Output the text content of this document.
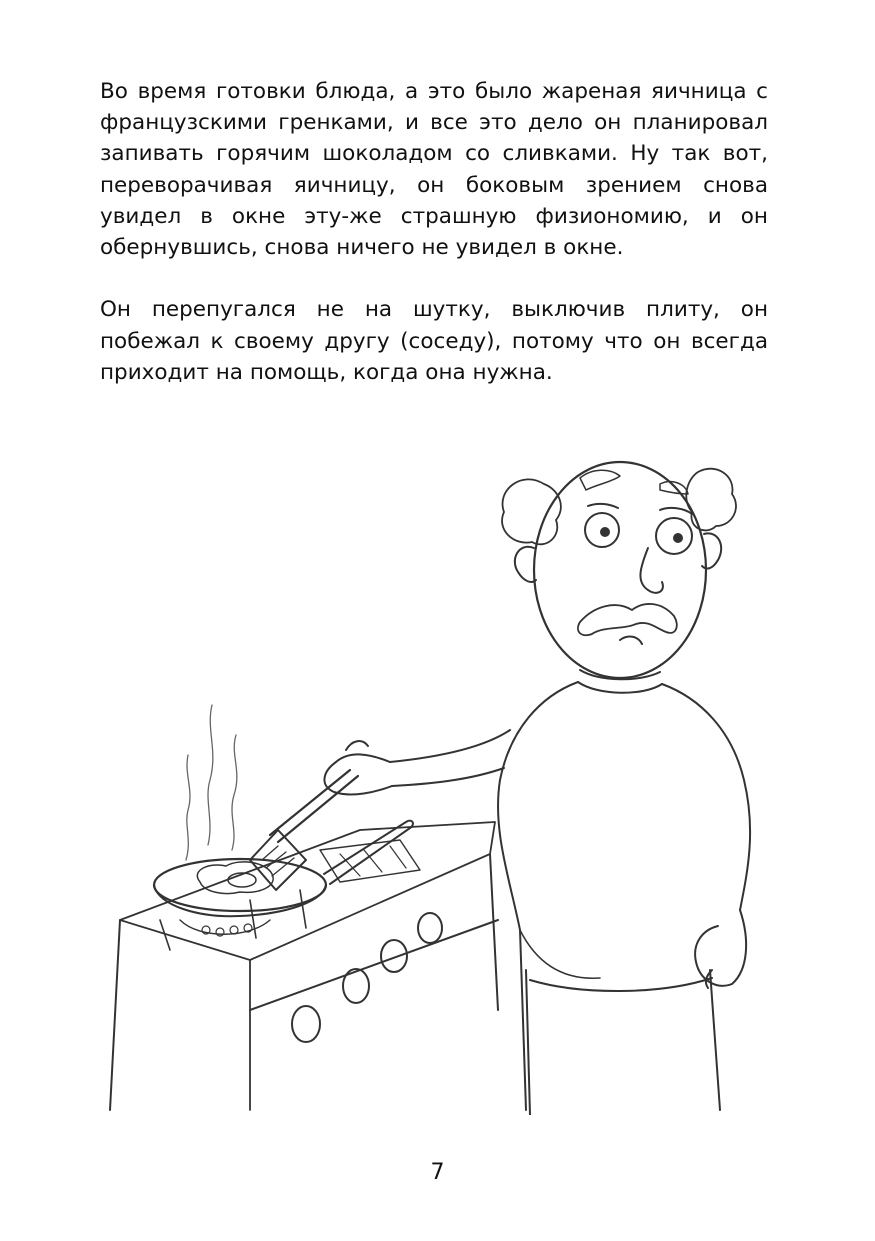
Во время готовки блюда, а это было жареная яичница с французскими гренками, и все это дело он планировал запивать горячим шоколадом со сливками. Ну так вот, переворачивая яичницу, он боковым зрением снова увидел в окне эту-же страшную физиономию, и он обернувшись, снова ничего не увидел в окне.

Он перепугался не на шутку, выключив плиту, он побежал к своему другу (соседу), потому что он всегда приходит на помощь, когда она нужна.

7
